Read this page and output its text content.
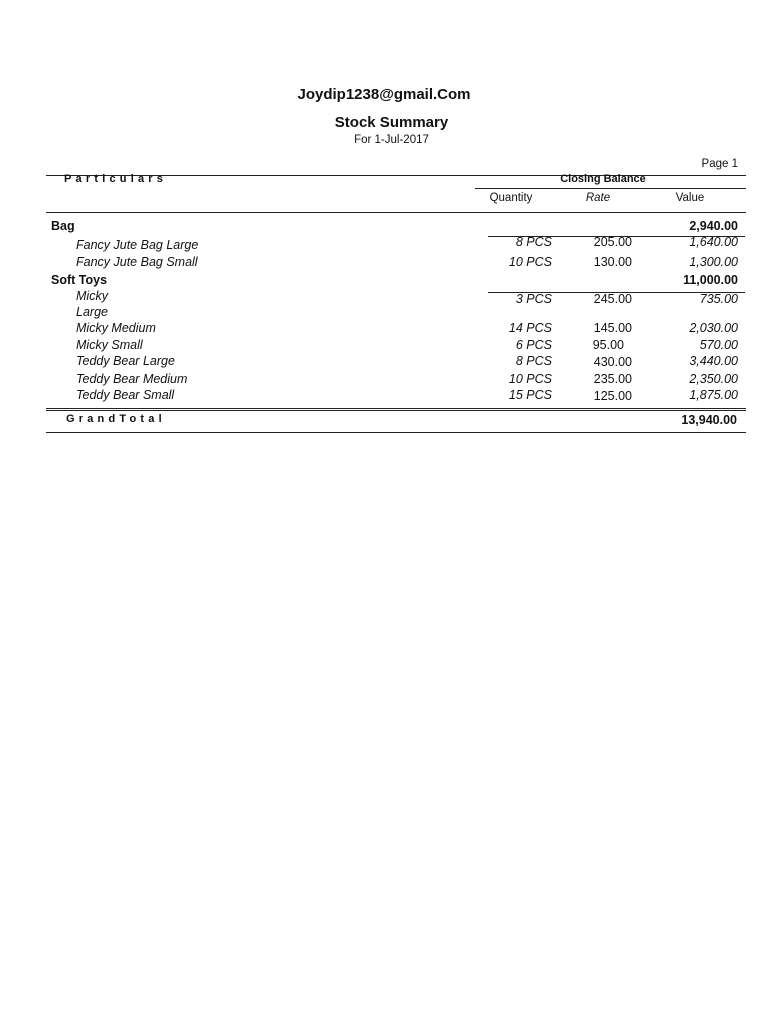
Joydip1238@gmail.Com
Stock Summary
For 1-Jul-2017
Page 1
Particulars	Closing Balance
Quantity	Rate	Value
Bag	2,940.00
Fancy Jute Bag Large	8 PCS	205.00	1,640.00
Fancy Jute Bag Small	10 PCS	130.00	1,300.00
Soft Toys	11,000.00
Micky	3 PCS	245.00	735.00
Large
Micky Medium	14 PCS	145.00	2,030.00
Micky Small	6 PCS	95.00	570.00
Teddy Bear Large	8 PCS	430.00	3,440.00
Teddy Bear Medium	10 PCS	235.00	2,350.00
Teddy Bear Small	15 PCS	125.00	1,875.00
GrandTotal	13,940.00
